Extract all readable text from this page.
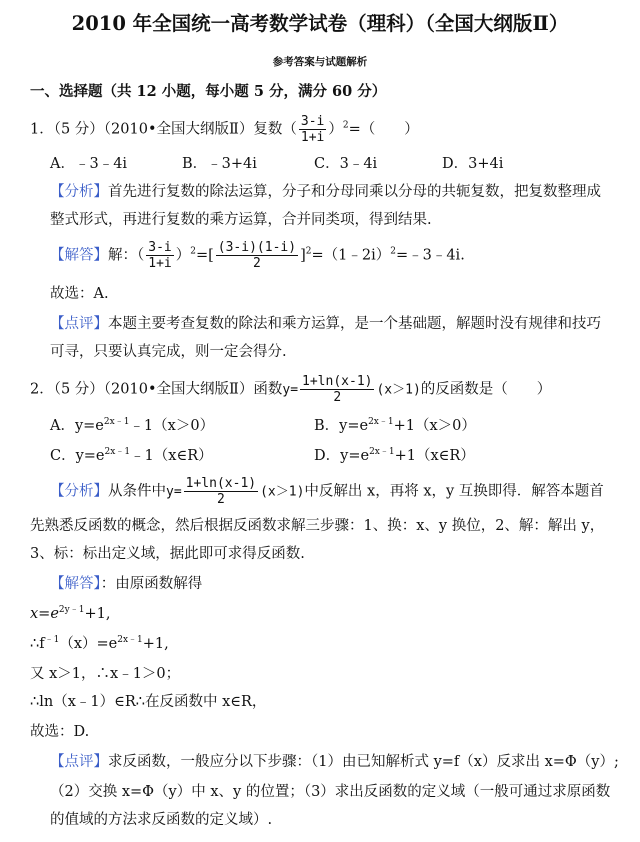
2010 年全国统一高考数学试卷（理科）（全国大纲版Ⅱ）
参考答案与试题解析
一、选择题（共 12 小题，每小题 5 分，满分 60 分）
1．（5 分）（2010•全国大纲版Ⅱ）复数（ $\frac{3-i}{1+i} )^2=$（　　）
A．﹣3﹣4i	B．﹣3+4i	C．3﹣4i	D．3+4i
【分析】首先进行复数的除法运算，分子和分母同乘以分母的共轭复数，把复数整理成
整式形式，再进行复数的乘方运算，合并同类项，得到结果.
【解答】解：（ $\frac{3-i}{1+i} )^2=[ \frac{(3-i)(1-i)}{2}$ ]$^2=(1﹣2i)^2=﹣3﹣4i$.
故选：A.
【点评】本题主要考查复数的除法和乘方运算，是一个基础题，解题时没有规律和技巧
可寻，只要认真完成，则一定会得分.
2．（5 分）（2010•全国大纲版Ⅱ）函数$y= \frac{1+\ln(x-1)}{2} (x>1)$的反函数是（　　）
A．$y=e^{2x﹣1}﹣1(x>0)$	B．$y=e^{2x﹣1}+1(x>0)$
C．$y=e^{2x﹣1}﹣1(x\in R)$	D．$y=e^{2x﹣1}+1(x\in R)$
【分析】从条件中$y= \frac{1+\ln(x-1)}{2} (x>1)$中反解出 x，再将 x，y 互换即得．解答本题首
先熟悉反函数的概念，然后根据反函数求解三步骤：1、换：x、y 换位，2、解：解出 y，
3、标：标出定义域，据此即可求得反函数.
【解答】：由原函数解得
$x=e^{2y﹣1}+1$,
$\therefore f^{﹣1}(x)=e^{2x﹣1}+1$,
又 x＞1，∴x﹣1＞0；
∴ln（x﹣1）∈R∴在反函数中 x∈R，
故选：D.
【点评】求反函数，一般应分以下步骤：（1）由已知解析式 y=f（x）反求出 x=Φ（y）;
（2）交换 x=Φ（y）中 x、y 的位置；（3）求出反函数的定义域（一般可通过求原函数
的值域的方法求反函数的定义域）.
